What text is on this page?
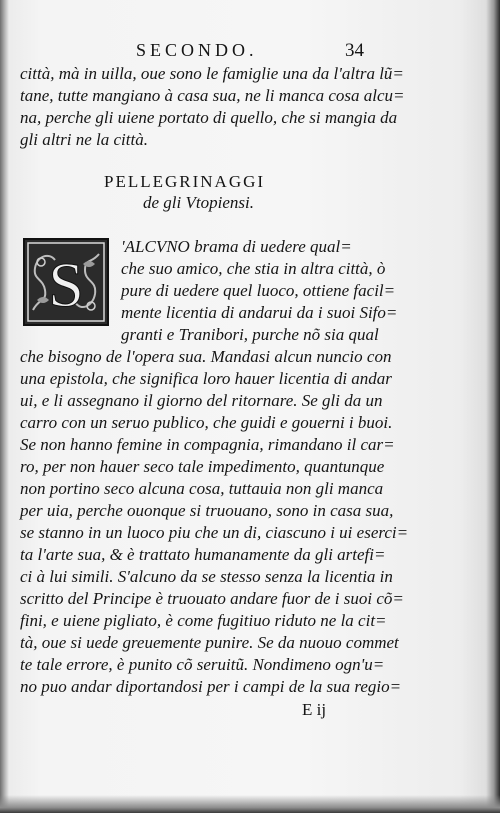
SECONDO.	34
città, mà in uilla, oue sono le famiglie una da l'altra lũ=
tane, tutte mangiano à casa sua, ne li manca cosa alcu=
na, perche gli uiene portato di quello, che si mangia da
gli altri ne la città.
PELLEGRINAGGI
de gli Vtopiensi.
S
'ALCVNO brama di uedere qual=
che suo amico, che stia in altra città, ò
pure di uedere quel luoco, ottiene facil=
mente licentia di andarui da i suoi Sifo=
granti e Tranibori, purche nõ sia qual
che bisogno de l'opera sua. Mandasi alcun nuncio con
una epistola, che significa loro hauer licentia di andar
ui, e li assegnano il giorno del ritornare. Se gli da un
carro con un seruo publico, che guidi e gouerni i buoi.
Se non hanno femine in compagnia, rimandano il car=
ro, per non hauer seco tale impedimento, quantunque
non portino seco alcuna cosa, tuttauia non gli manca
per uia, perche ouonque si truouano, sono in casa sua,
se stanno in un luoco piu che un di, ciascuno i ui eserci=
ta l'arte sua, & è trattato humanamente da gli artefi=
ci à lui simili. S'alcuno da se stesso senza la licentia in
scritto del Principe è truouato andare fuor de i suoi cõ=
fini, e uiene pigliato, è come fugitiuo riduto ne la cit=
tà, oue si uede greuemente punire. Se da nuouo commet
te tale errore, è punito cõ seruitũ. Nondimeno ogn'u=
no puo andar diportandosi per i campi de la sua regio=
E ij
